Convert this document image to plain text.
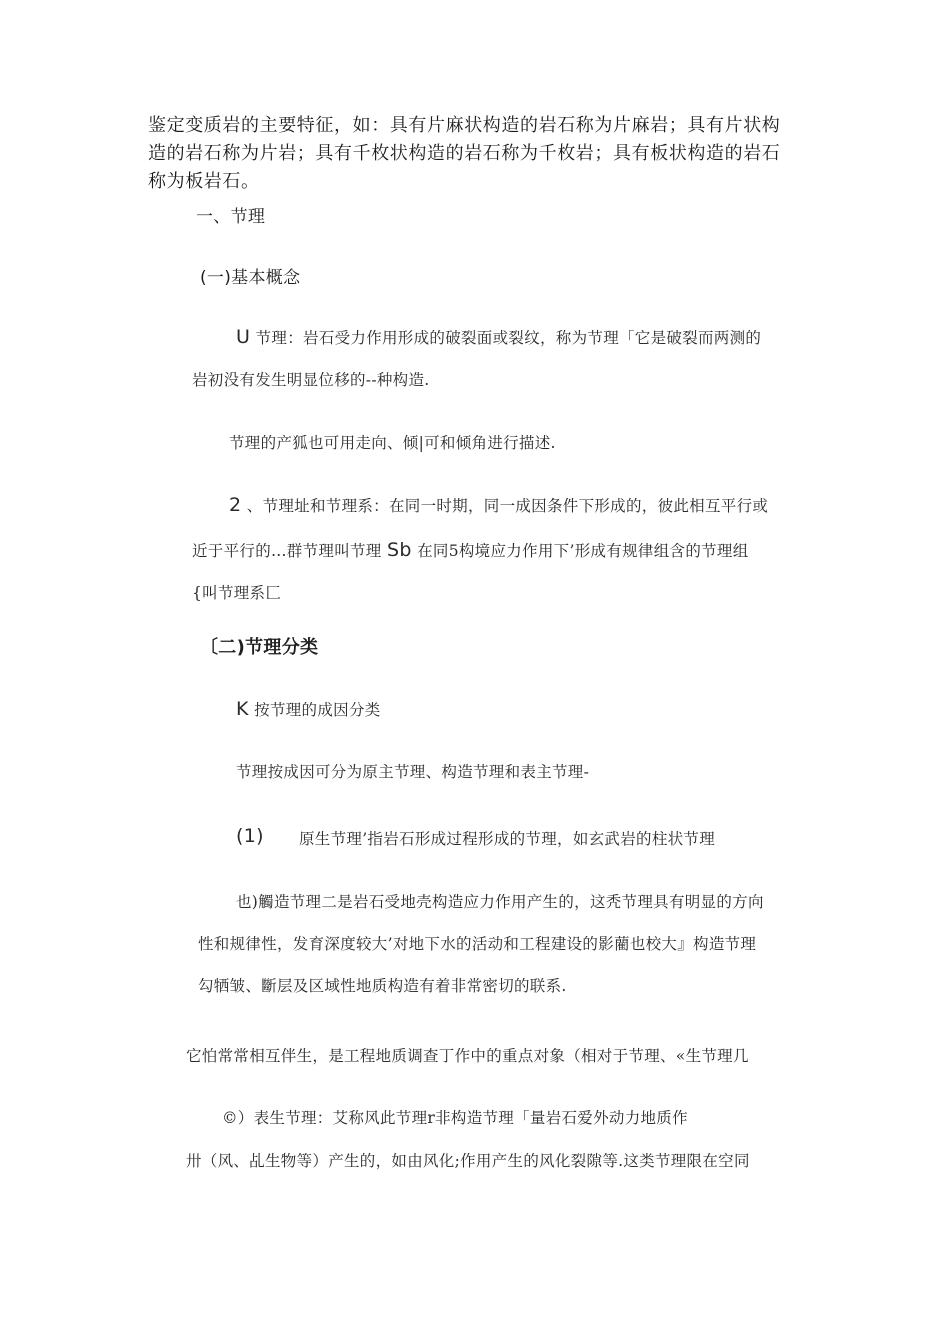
鉴定变质岩的主要特征，如：具有片麻状构造的岩石称为片麻岩；具有片状构
造的岩石称为片岩；具有千枚状构造的岩石称为千枚岩；具有板状构造的岩石
称为板岩石。
一、节理
(一)基本概念
U 节理：岩石受力作用形成的破裂面或裂纹，称为节理「它是破裂而两测的
岩初没有发生明显位移的--种构造.
节理的产狐也可用走向、倾|可和倾角进行描述.
2 、节理址和节理系：在同一时期，同一成因条件下形成的，彼此相互平行或
近于平行的…群节理叫节理 Sb 在同5构境应力作用下’形成有规律组含的节理组
{叫节理系匚
〔二)节理分类
K 按节理的成因分类
节理按成因可分为原主节理、构造节理和表主节理-
(1) 原生节理’指岩石形成过程形成的节理，如玄武岩的柱状节理
也)觸造节理二是岩石受地壳构造应力作用产生的，这秃节理具有明显的方向
性和规律性，发育深度较大’对地下水的活动和工程建设的影藺也校大』构造节理
勾牺皱、斷层及区域性地质构造有着非常密切的联系.
它怕常常相互伴生，是工程地质调查丁作中的重点对象（相对于节理、«生节理几
©）表生节理：艾称风此节理r非构造节理「量岩石爱外动力地质作
卅（风、乩生物等）产生的，如由风化;作用产生的风化裂隙等.这类节理限在空同
